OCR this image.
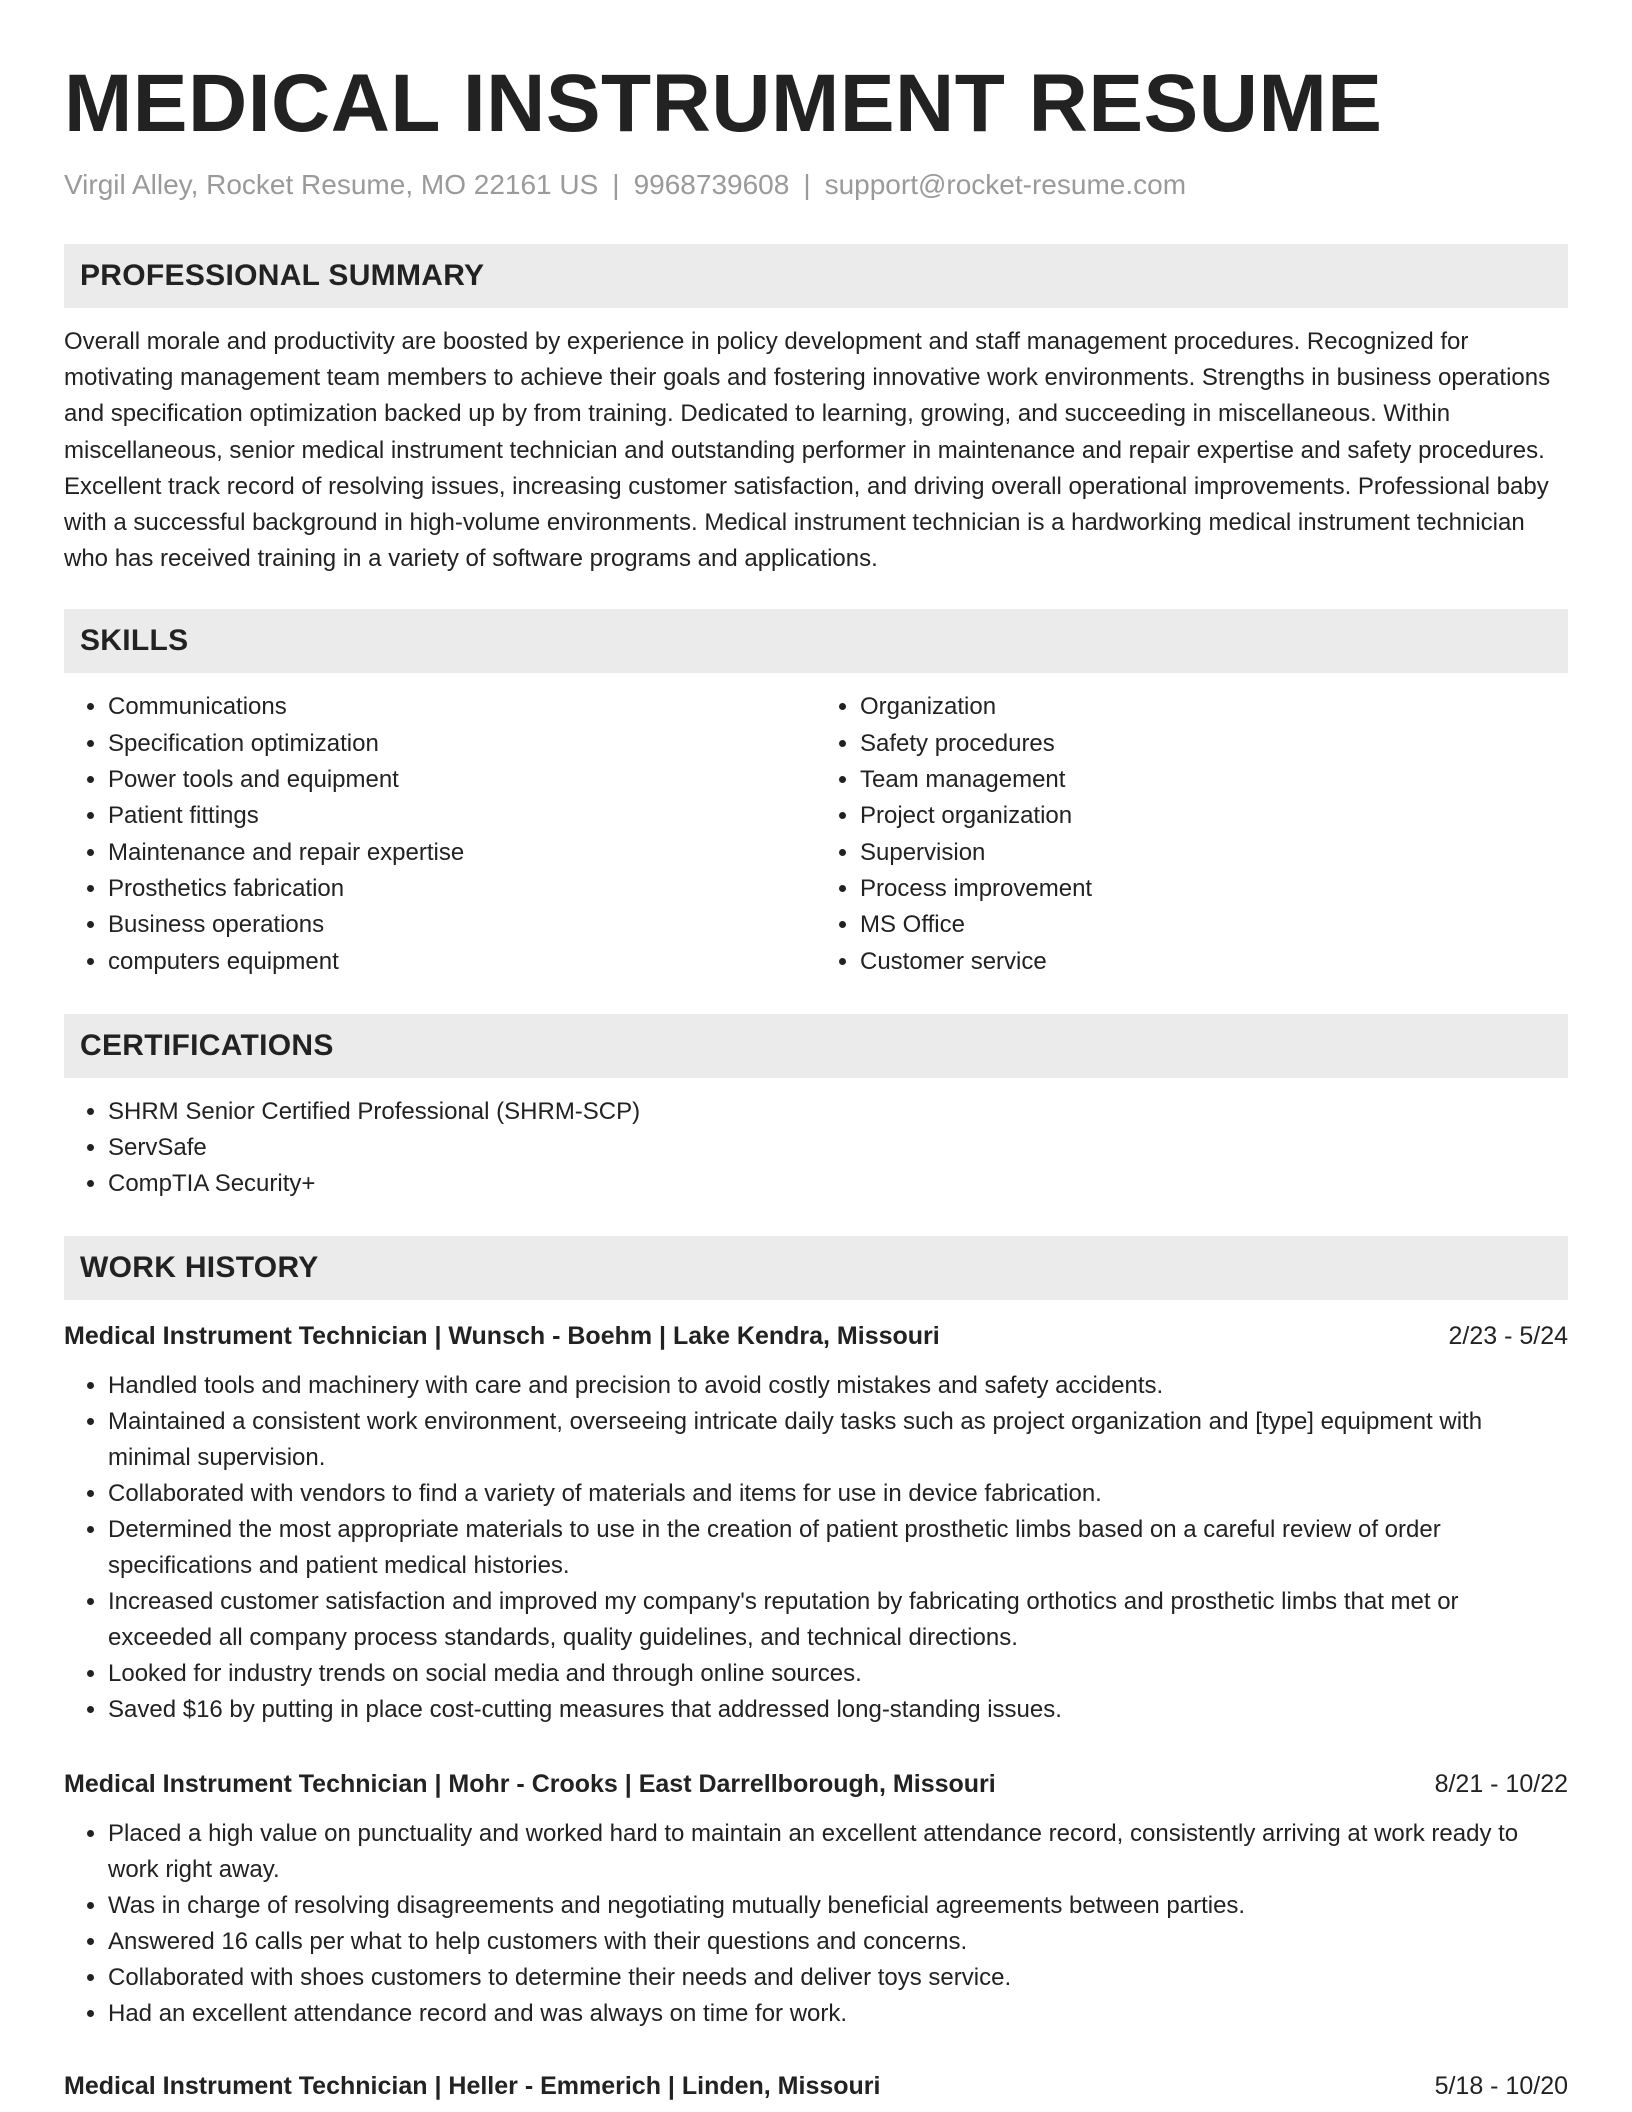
MEDICAL INSTRUMENT RESUME
Virgil Alley, Rocket Resume, MO 22161 US | 9968739608 | support@rocket-resume.com
PROFESSIONAL SUMMARY

Overall morale and productivity are boosted by experience in policy development and staff management procedures. Recognized for motivating management team members to achieve their goals and fostering innovative work environments. Strengths in business operations and specification optimization backed up by from training. Dedicated to learning, growing, and succeeding in miscellaneous. Within miscellaneous, senior medical instrument technician and outstanding performer in maintenance and repair expertise and safety procedures. Excellent track record of resolving issues, increasing customer satisfaction, and driving overall operational improvements. Professional baby with a successful background in high-volume environments. Medical instrument technician is a hardworking medical instrument technician who has received training in a variety of software programs and applications.

SKILLS
• Communications
• Specification optimization
• Power tools and equipment
• Patient fittings
• Maintenance and repair expertise
• Prosthetics fabrication
• Business operations
• computers equipment
• Organization
• Safety procedures
• Team management
• Project organization
• Supervision
• Process improvement
• MS Office
• Customer service
CERTIFICATIONS
• SHRM Senior Certified Professional (SHRM-SCP)
• ServSafe
• CompTIA Security+
WORK HISTORY
Medical Instrument Technician | Wunsch - Boehm | Lake Kendra, Missouri	2/23 - 5/24
• Handled tools and machinery with care and precision to avoid costly mistakes and safety accidents.
• Maintained a consistent work environment, overseeing intricate daily tasks such as project organization and [type] equipment with minimal supervision.
• Collaborated with vendors to find a variety of materials and items for use in device fabrication.
• Determined the most appropriate materials to use in the creation of patient prosthetic limbs based on a careful review of order specifications and patient medical histories.
• Increased customer satisfaction and improved my company's reputation by fabricating orthotics and prosthetic limbs that met or exceeded all company process standards, quality guidelines, and technical directions.
• Looked for industry trends on social media and through online sources.
• Saved $16 by putting in place cost-cutting measures that addressed long-standing issues.
Medical Instrument Technician | Mohr - Crooks | East Darrellborough, Missouri	8/21 - 10/22
• Placed a high value on punctuality and worked hard to maintain an excellent attendance record, consistently arriving at work ready to work right away.
• Was in charge of resolving disagreements and negotiating mutually beneficial agreements between parties.
• Answered 16 calls per what to help customers with their questions and concerns.
• Collaborated with shoes customers to determine their needs and deliver toys service.
• Had an excellent attendance record and was always on time for work.
Medical Instrument Technician | Heller - Emmerich | Linden, Missouri	5/18 - 10/20
